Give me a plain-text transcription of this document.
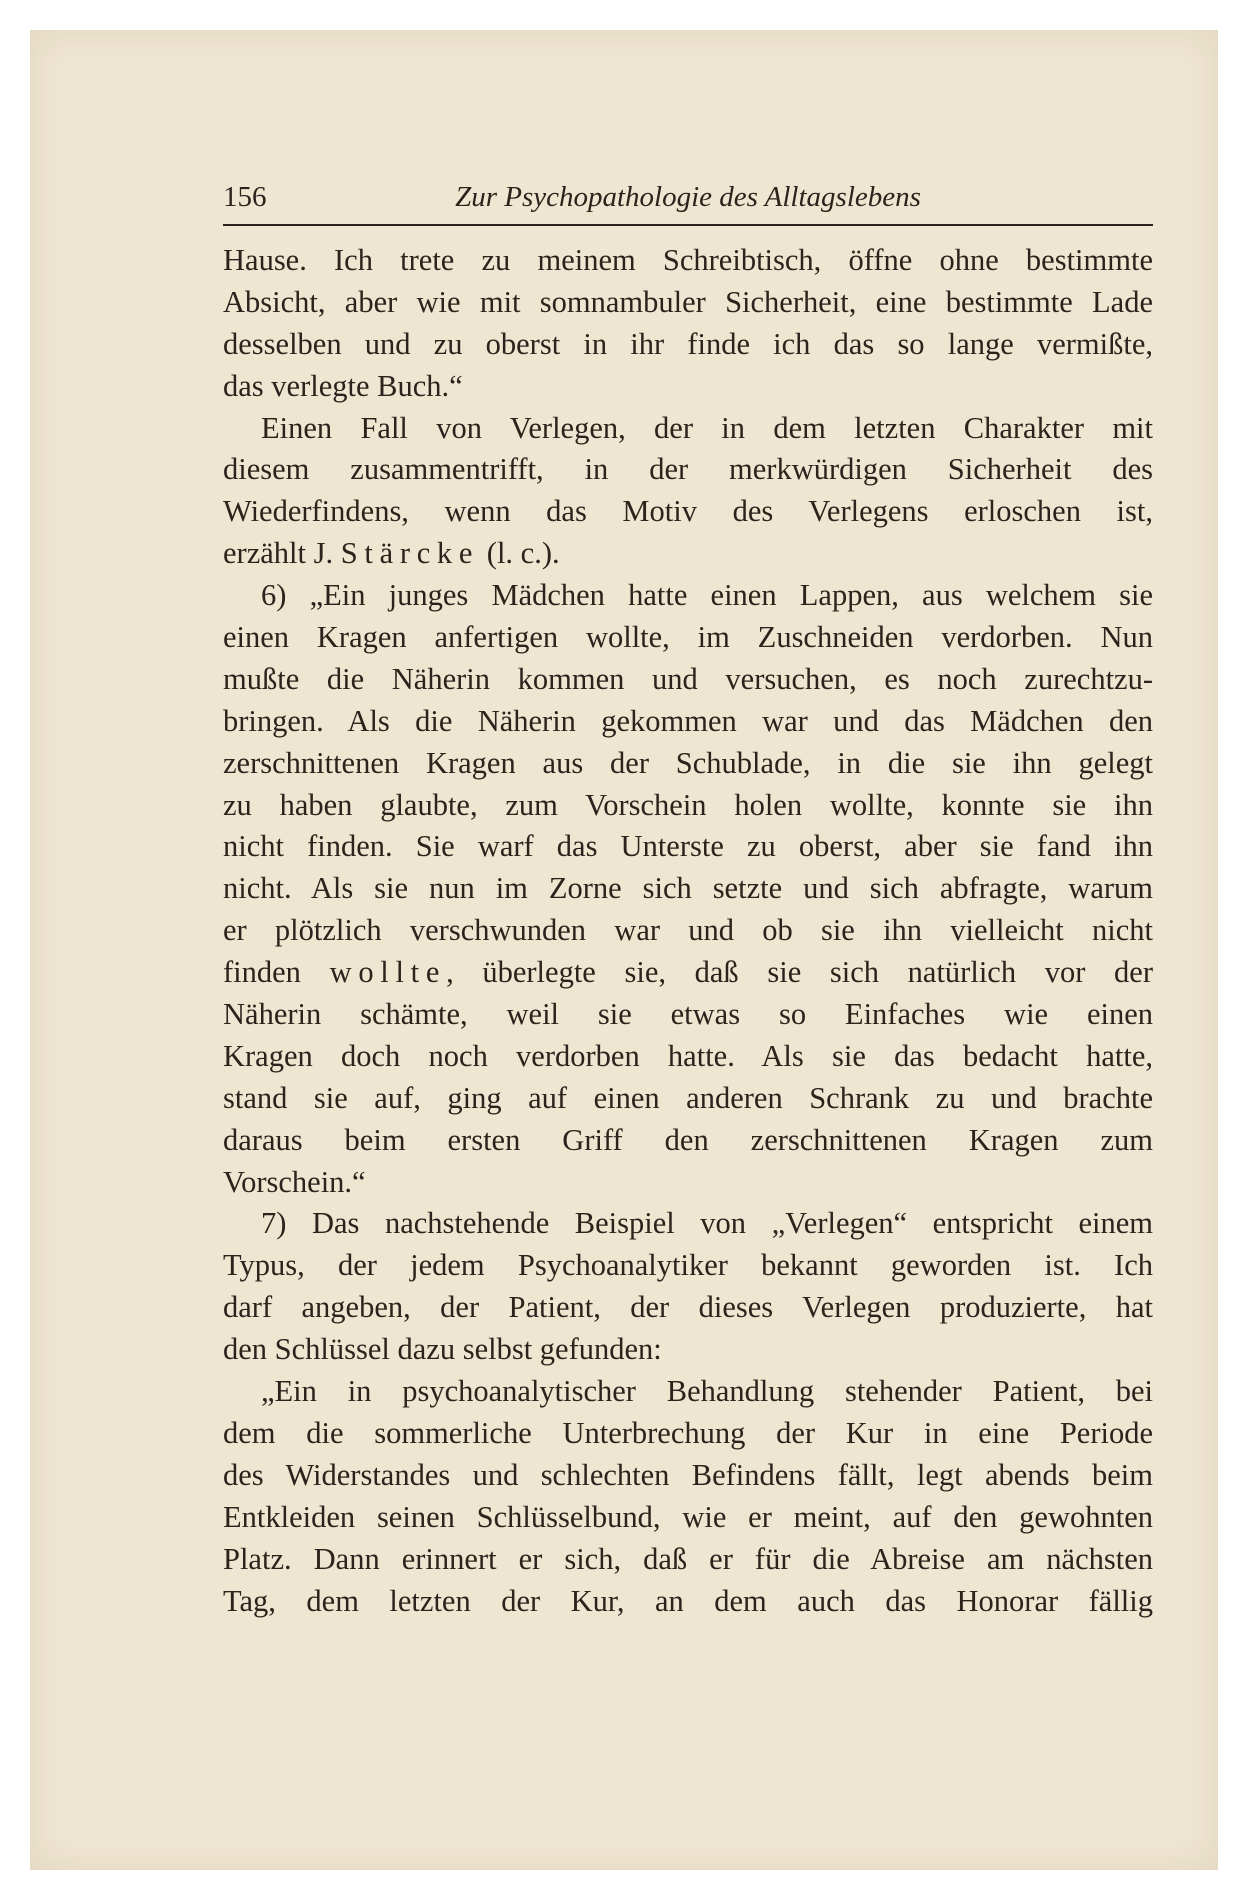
156	Zur Psychopathologie des Alltagslebens
Hause. Ich trete zu meinem Schreibtisch, öffne ohne bestimmte
Absicht, aber wie mit somnambuler Sicherheit, eine bestimmte Lade
desselben und zu oberst in ihr finde ich das so lange vermißte,
das verlegte Buch.“
Einen Fall von Verlegen, der in dem letzten Charakter mit
diesem zusammentrifft, in der merkwürdigen Sicherheit des
Wiederfindens, wenn das Motiv des Verlegens erloschen ist,
erzählt J. Stärcke (l. c.).
6) „Ein junges Mädchen hatte einen Lappen, aus welchem sie
einen Kragen anfertigen wollte, im Zuschneiden verdorben. Nun
mußte die Näherin kommen und versuchen, es noch zurechtzu-
bringen. Als die Näherin gekommen war und das Mädchen den
zerschnittenen Kragen aus der Schublade, in die sie ihn gelegt
zu haben glaubte, zum Vorschein holen wollte, konnte sie ihn
nicht finden. Sie warf das Unterste zu oberst, aber sie fand ihn
nicht. Als sie nun im Zorne sich setzte und sich abfragte, warum
er plötzlich verschwunden war und ob sie ihn vielleicht nicht
finden wollte, überlegte sie, daß sie sich natürlich vor der
Näherin schämte, weil sie etwas so Einfaches wie einen
Kragen doch noch verdorben hatte. Als sie das bedacht hatte,
stand sie auf, ging auf einen anderen Schrank zu und brachte
daraus beim ersten Griff den zerschnittenen Kragen zum
Vorschein.“
7) Das nachstehende Beispiel von „Verlegen“ entspricht einem
Typus, der jedem Psychoanalytiker bekannt geworden ist. Ich
darf angeben, der Patient, der dieses Verlegen produzierte, hat
den Schlüssel dazu selbst gefunden:
„Ein in psychoanalytischer Behandlung stehender Patient, bei
dem die sommerliche Unterbrechung der Kur in eine Periode
des Widerstandes und schlechten Befindens fällt, legt abends beim
Entkleiden seinen Schlüsselbund, wie er meint, auf den gewohnten
Platz. Dann erinnert er sich, daß er für die Abreise am nächsten
Tag, dem letzten der Kur, an dem auch das Honorar fällig
